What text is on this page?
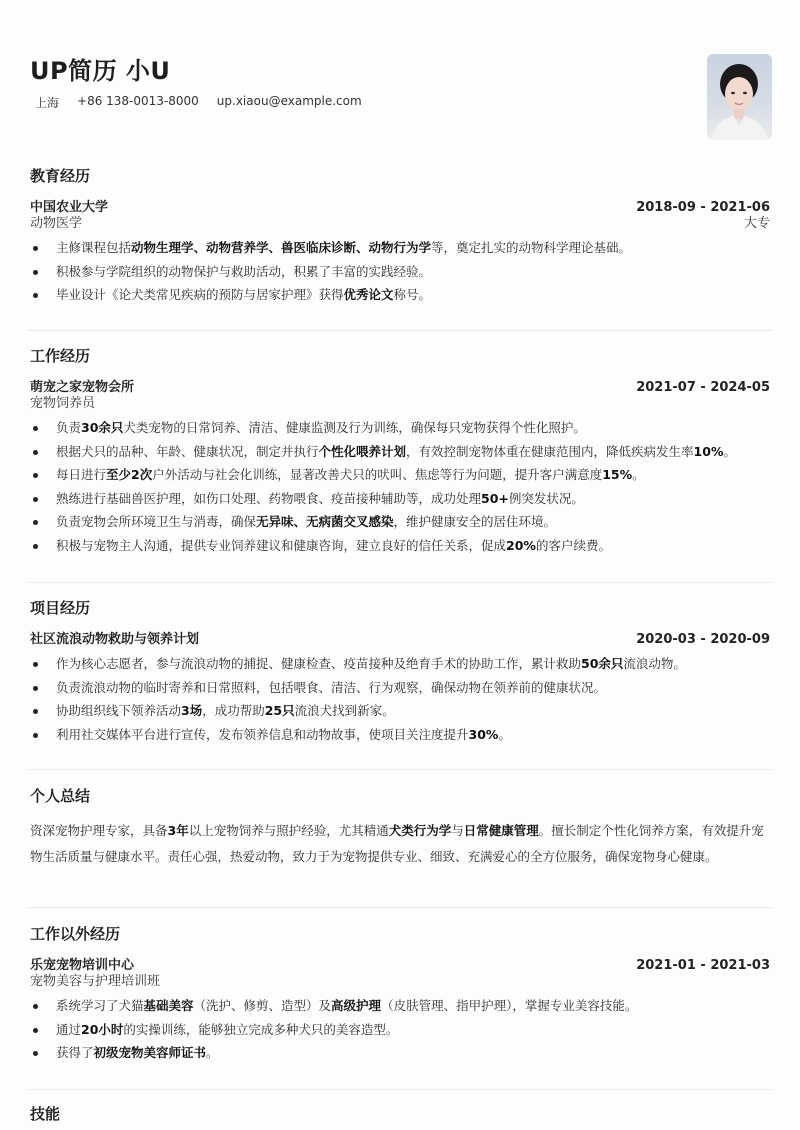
UP简历 小U
上海 +86 138-0013-8000 up.xiaou@example.com
教育经历
中国农业大学	2018-09 - 2021-06
动物医学	大专
主修课程包括动物生理学、动物营养学、兽医临床诊断、动物行为学等，奠定扎实的动物科学理论基础。
积极参与学院组织的动物保护与救助活动，积累了丰富的实践经验。
毕业设计《论犬类常见疾病的预防与居家护理》获得优秀论文称号。
工作经历
萌宠之家宠物会所	2021-07 - 2024-05
宠物饲养员
负责30余只犬类宠物的日常饲养、清洁、健康监测及行为训练，确保每只宠物获得个性化照护。
根据犬只的品种、年龄、健康状况，制定并执行个性化喂养计划，有效控制宠物体重在健康范围内，降低疾病发生率10%。
每日进行至少2次户外活动与社会化训练，显著改善犬只的吠叫、焦虑等行为问题，提升客户满意度15%。
熟练进行基础兽医护理，如伤口处理、药物喂食、疫苗接种辅助等，成功处理50+例突发状况。
负责宠物会所环境卫生与消毒，确保无异味、无病菌交叉感染，维护健康安全的居住环境。
积极与宠物主人沟通，提供专业饲养建议和健康咨询，建立良好的信任关系，促成20%的客户续费。
项目经历
社区流浪动物救助与领养计划	2020-03 - 2020-09
作为核心志愿者，参与流浪动物的捕捉、健康检查、疫苗接种及绝育手术的协助工作，累计救助50余只流浪动物。
负责流浪动物的临时寄养和日常照料，包括喂食、清洁、行为观察，确保动物在领养前的健康状况。
协助组织线下领养活动3场，成功帮助25只流浪犬找到新家。
利用社交媒体平台进行宣传，发布领养信息和动物故事，使项目关注度提升30%。
个人总结
资深宠物护理专家，具备3年以上宠物饲养与照护经验，尤其精通犬类行为学与日常健康管理。擅长制定个性化饲养方案，有效提升宠物生活质量与健康水平。责任心强，热爱动物，致力于为宠物提供专业、细致、充满爱心的全方位服务，确保宠物身心健康。
工作以外经历
乐宠宠物培训中心	2021-01 - 2021-03
宠物美容与护理培训班
系统学习了犬猫基础美容（洗护、修剪、造型）及高级护理（皮肤管理、指甲护理），掌握专业美容技能。
通过20小时的实操训练，能够独立完成多种犬只的美容造型。
获得了初级宠物美容师证书。
技能
